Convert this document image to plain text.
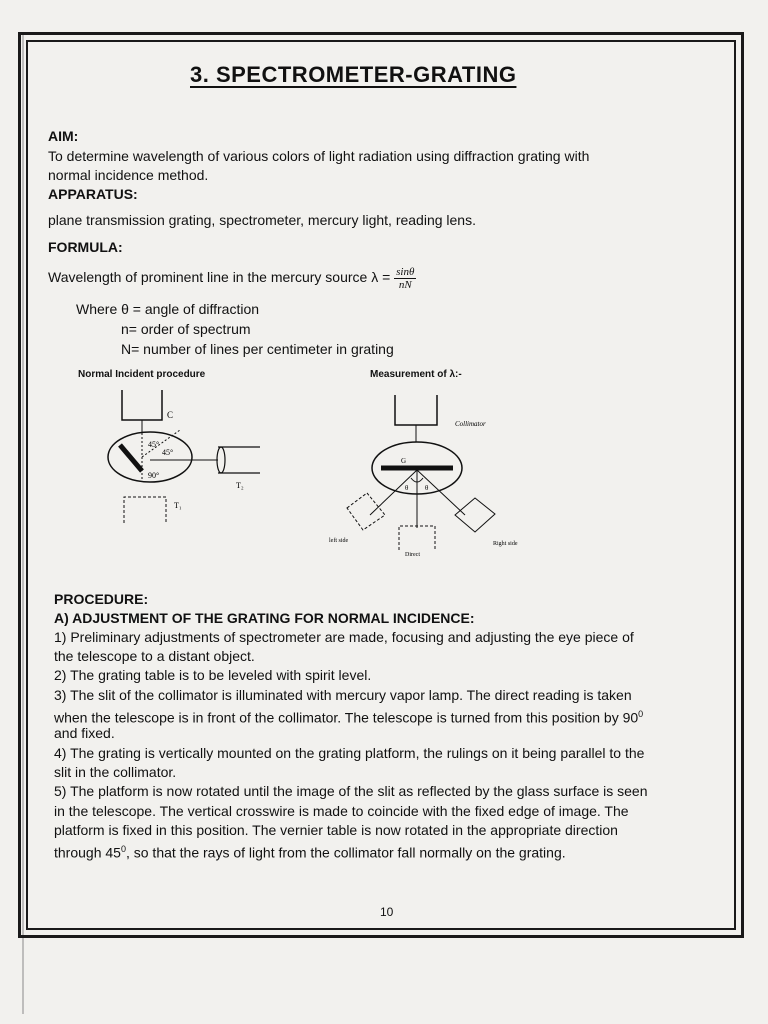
3. SPECTROMETER-GRATING
AIM:
To determine wavelength of various colors of light radiation using diffraction grating with
normal incidence method.
APPARATUS:
plane transmission grating, spectrometer, mercury light, reading lens.
FORMULA:
Wavelength of prominent line in the mercury source $\lambda = \frac{\sin\theta}{nN}$
Where θ = angle of diffraction
n= order of spectrum
N= number of lines per centimeter in grating
Normal Incident procedure	Measurement of λ:-
C
45°
45°
90°
T₂
T₁
Collimator
G
θ θ
left side
Direct
Right side
PROCEDURE:
A) ADJUSTMENT OF THE GRATING FOR NORMAL INCIDENCE:
1) Preliminary adjustments of spectrometer are made, focusing and adjusting the eye piece of
the telescope to a distant object.
2) The grating table is to be leveled with spirit level.
3) The slit of the collimator is illuminated with mercury vapor lamp. The direct reading is taken
when the telescope is in front of the collimator. The telescope is turned from this position by $90^0$
and fixed.
4) The grating is vertically mounted on the grating platform, the rulings on it being parallel to the
slit in the collimator.
5) The platform is now rotated until the image of the slit as reflected by the glass surface is seen
in the telescope. The vertical crosswire is made to coincide with the fixed edge of image. The
platform is fixed in this position. The vernier table is now rotated in the appropriate direction
through $45^0$, so that the rays of light from the collimator fall normally on the grating.
10
